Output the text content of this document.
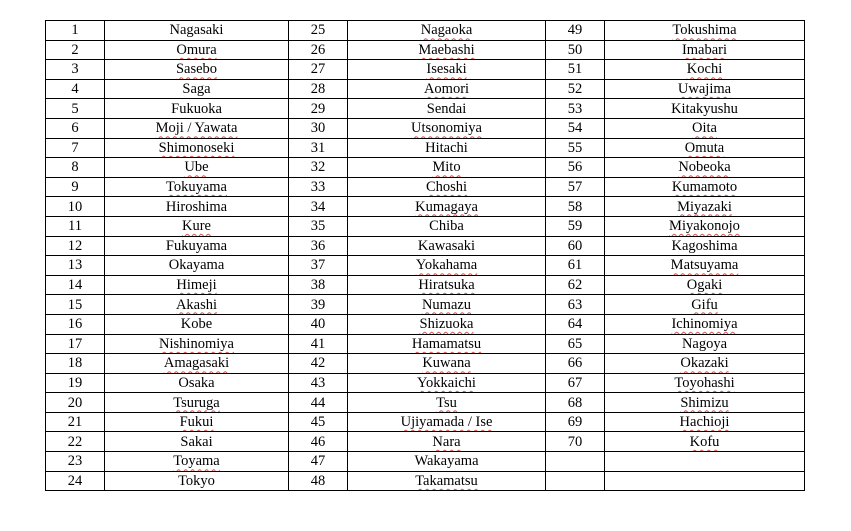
1	Nagasaki	25	Nagaoka	49	Tokushima
2	Omura	26	Maebashi	50	Imabari
3	Sasebo	27	Isesaki	51	Kochi
4	Saga	28	Aomori	52	Uwajima
5	Fukuoka	29	Sendai	53	Kitakyushu
6	Moji / Yawata	30	Utsonomiya	54	Oita
7	Shimonoseki	31	Hitachi	55	Omuta
8	Ube	32	Mito	56	Nobeoka
9	Tokuyama	33	Choshi	57	Kumamoto
10	Hiroshima	34	Kumagaya	58	Miyazaki
11	Kure	35	Chiba	59	Miyakonojo
12	Fukuyama	36	Kawasaki	60	Kagoshima
13	Okayama	37	Yokahama	61	Matsuyama
14	Himeji	38	Hiratsuka	62	Ogaki
15	Akashi	39	Numazu	63	Gifu
16	Kobe	40	Shizuoka	64	Ichinomiya
17	Nishinomiya	41	Hamamatsu	65	Nagoya
18	Amagasaki	42	Kuwana	66	Okazaki
19	Osaka	43	Yokkaichi	67	Toyohashi
20	Tsuruga	44	Tsu	68	Shimizu
21	Fukui	45	Ujiyamada / Ise	69	Hachioji
22	Sakai	46	Nara	70	Kofu
23	Toyama	47	Wakayama		
24	Tokyo	48	Takamatsu		
